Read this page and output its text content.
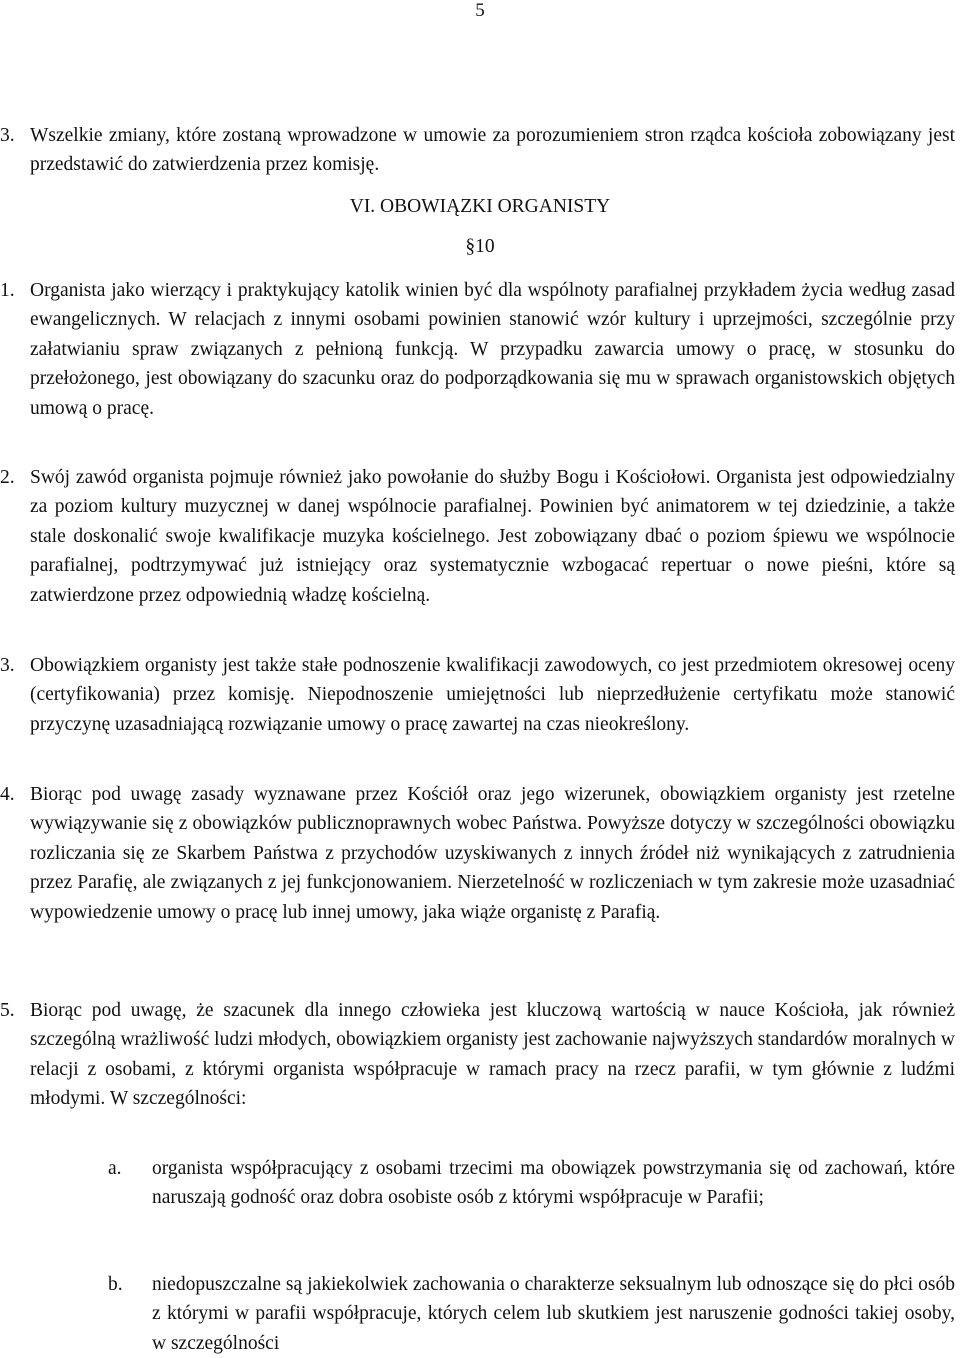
5
3. Wszelkie zmiany, które zostaną wprowadzone w umowie za porozumieniem stron rządca kościoła zobowiązany jest przedstawić do zatwierdzenia przez komisję.
VI. OBOWIĄZKI ORGANISTY
§10
1. Organista jako wierzący i praktykujący katolik winien być dla wspólnoty parafialnej przykładem życia według zasad ewangelicznych. W relacjach z innymi osobami powinien stanowić wzór kultury i uprzejmości, szczególnie przy załatwianiu spraw związanych z pełnioną funkcją. W przypadku zawarcia umowy o pracę, w stosunku do przełożonego, jest obowiązany do szacunku oraz do podporządkowania się mu w sprawach organistowskich objętych umową o pracę.
2. Swój zawód organista pojmuje również jako powołanie do służby Bogu i Kościołowi. Organista jest odpowiedzialny za poziom kultury muzycznej w danej wspólnocie parafialnej. Powinien być animatorem w tej dziedzinie, a także stale doskonalić swoje kwalifikacje muzyka kościelnego. Jest zobowiązany dbać o poziom śpiewu we wspólnocie parafialnej, podtrzymywać już istniejący oraz systematycznie wzbogacać repertuar o nowe pieśni, które są zatwierdzone przez odpowiednią władzę kościelną.
3. Obowiązkiem organisty jest także stałe podnoszenie kwalifikacji zawodowych, co jest przedmiotem okresowej oceny (certyfikowania) przez komisję. Niepodnoszenie umiejętności lub nieprzedłużenie certyfikatu może stanowić przyczynę uzasadniającą rozwiązanie umowy o pracę zawartej na czas nieokreślony.
4. Biorąc pod uwagę zasady wyznawane przez Kościół oraz jego wizerunek, obowiązkiem organisty jest rzetelne wywiązywanie się z obowiązków publicznoprawnych wobec Państwa. Powyższe dotyczy w szczególności obowiązku rozliczania się ze Skarbem Państwa z przychodów uzyskiwanych z innych źródeł niż wynikających z zatrudnienia przez Parafię, ale związanych z jej funkcjonowaniem. Nierzetelność w rozliczeniach w tym zakresie może uzasadniać wypowiedzenie umowy o pracę lub innej umowy, jaka wiąże organistę z Parafią.
5. Biorąc pod uwagę, że szacunek dla innego człowieka jest kluczową wartością w nauce Kościoła, jak również szczególną wrażliwość ludzi młodych, obowiązkiem organisty jest zachowanie najwyższych standardów moralnych w relacji z osobami, z którymi organista współpracuje w ramach pracy na rzecz parafii, w tym głównie z ludźmi młodymi. W szczególności:
a. organista współpracujący z osobami trzecimi ma obowiązek powstrzymania się od zachowań, które naruszają godność oraz dobra osobiste osób z którymi współpracuje w Parafii;
b. niedopuszczalne są jakiekolwiek zachowania o charakterze seksualnym lub odnoszące się do płci osób z którymi w parafii współpracuje, których celem lub skutkiem jest naruszenie godności takiej osoby, w szczególności
